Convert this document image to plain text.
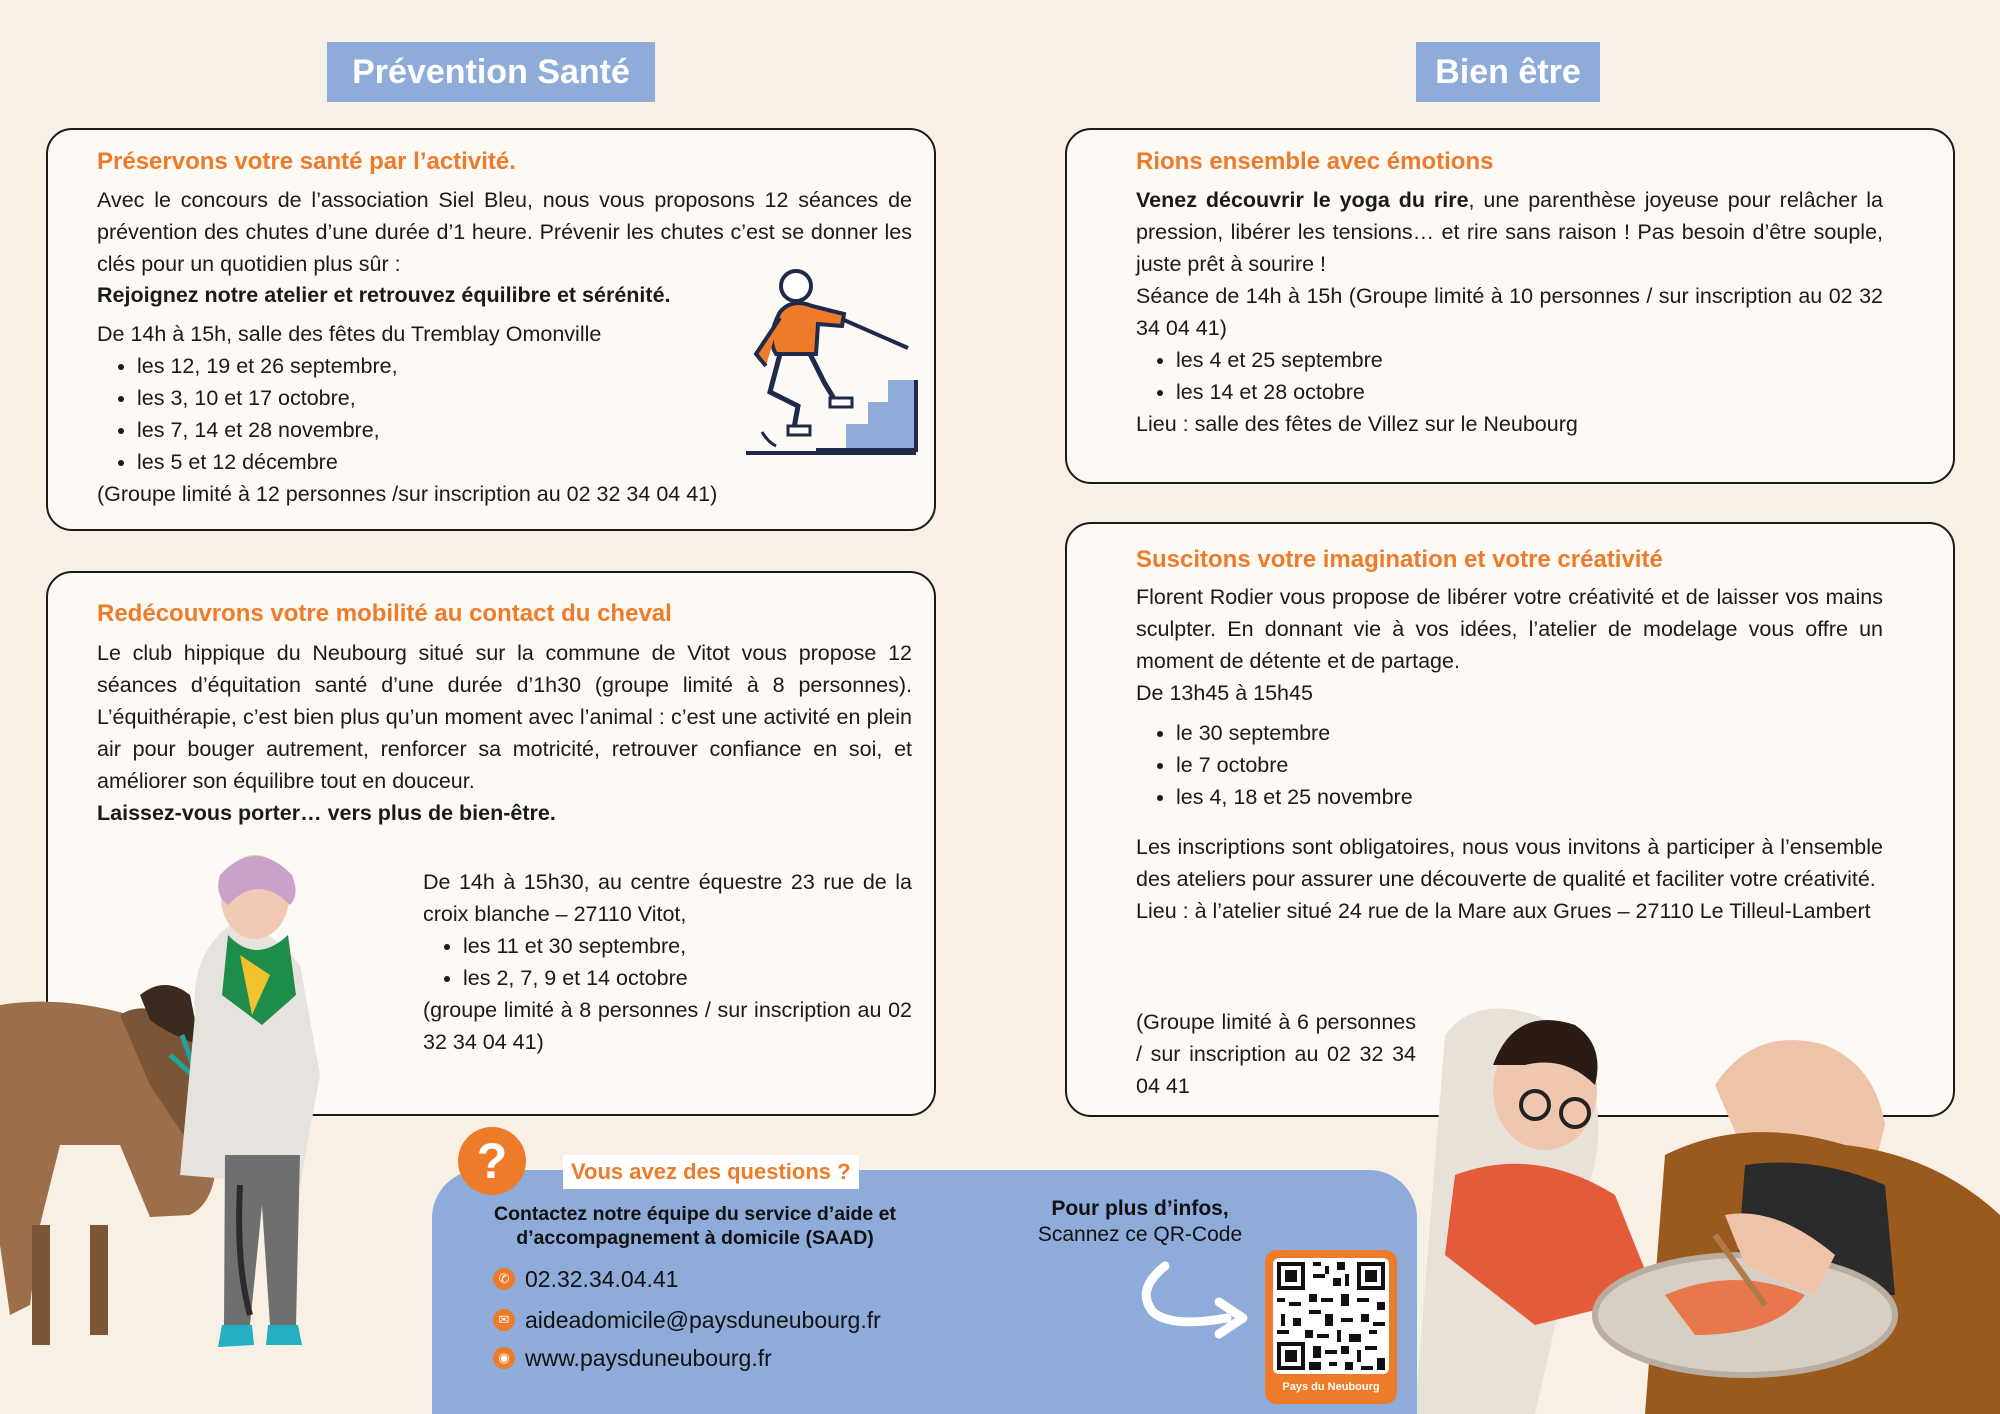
Prévention Santé	Bien être
Préservons votre santé par l’activité.

Avec le concours de l’association Siel Bleu, nous vous proposons 12 séances de prévention des chutes d’une durée d’1 heure. Prévenir les chutes c’est se donner les clés pour un quotidien plus sûr :

Rejoignez notre atelier et retrouvez équilibre et sérénité.

De 14h à 15h, salle des fêtes du Tremblay Omonville

• les 12, 19 et 26 septembre,
• les 3, 10 et 17 octobre,
• les 7, 14 et 28 novembre,
• les 5 et 12 décembre

(Groupe limité à 12 personnes /sur inscription au 02 32 34 04 41)

Redécouvrons votre mobilité au contact du cheval

Le club hippique du Neubourg situé sur la commune de Vitot vous propose 12 séances d’équitation santé d’une durée d’1h30 (groupe limité à 8 personnes). L’équithérapie, c’est bien plus qu’un moment avec l’animal : c’est une activité en plein air pour bouger autrement, renforcer sa motricité, retrouver confiance en soi, et améliorer son équilibre tout en douceur.

Laissez-vous porter… vers plus de bien-être.

De 14h à 15h30, au centre équestre 23 rue de la croix blanche – 27110 Vitot,

• les 11 et 30 septembre,
• les 2, 7, 9 et 14 octobre

(groupe limité à 8 personnes / sur inscription au 02 32 34 04 41)

Rions ensemble avec émotions

Venez découvrir le yoga du rire, une parenthèse joyeuse pour relâcher la pression, libérer les tensions… et rire sans raison ! Pas besoin d’être souple, juste prêt à sourire !

Séance de 14h à 15h (Groupe limité à 10 personnes / sur inscription au 02 32 34 04 41)

• les 4 et 25 septembre
• les 14 et 28 octobre

Lieu : salle des fêtes de Villez sur le Neubourg

Suscitons votre imagination et votre créativité

Florent Rodier vous propose de libérer votre créativité et de laisser vos mains sculpter. En donnant vie à vos idées, l’atelier de modelage vous offre un moment de détente et de partage.

De 13h45 à 15h45

• le 30 septembre
• le 7 octobre
• les 4, 18 et 25 novembre

Les inscriptions sont obligatoires, nous vous invitons à participer à l’ensemble des ateliers pour assurer une découverte de qualité et faciliter votre créativité.

Lieu : à l’atelier situé 24 rue de la Mare aux Grues – 27110 Le Tilleul-Lambert

(Groupe limité à 6 personnes / sur inscription au 02 32 34 04 41

?	Vous avez des questions ?
Contactez notre équipe du service d’aide et d’accompagnement à domicile (SAAD)
✆ 02.32.34.04.41
✉ aideadomicile@paysduneubourg.fr
◉ www.paysduneubourg.fr
Pour plus d’infos,
Scannez ce QR-Code
Pays du Neubourg
